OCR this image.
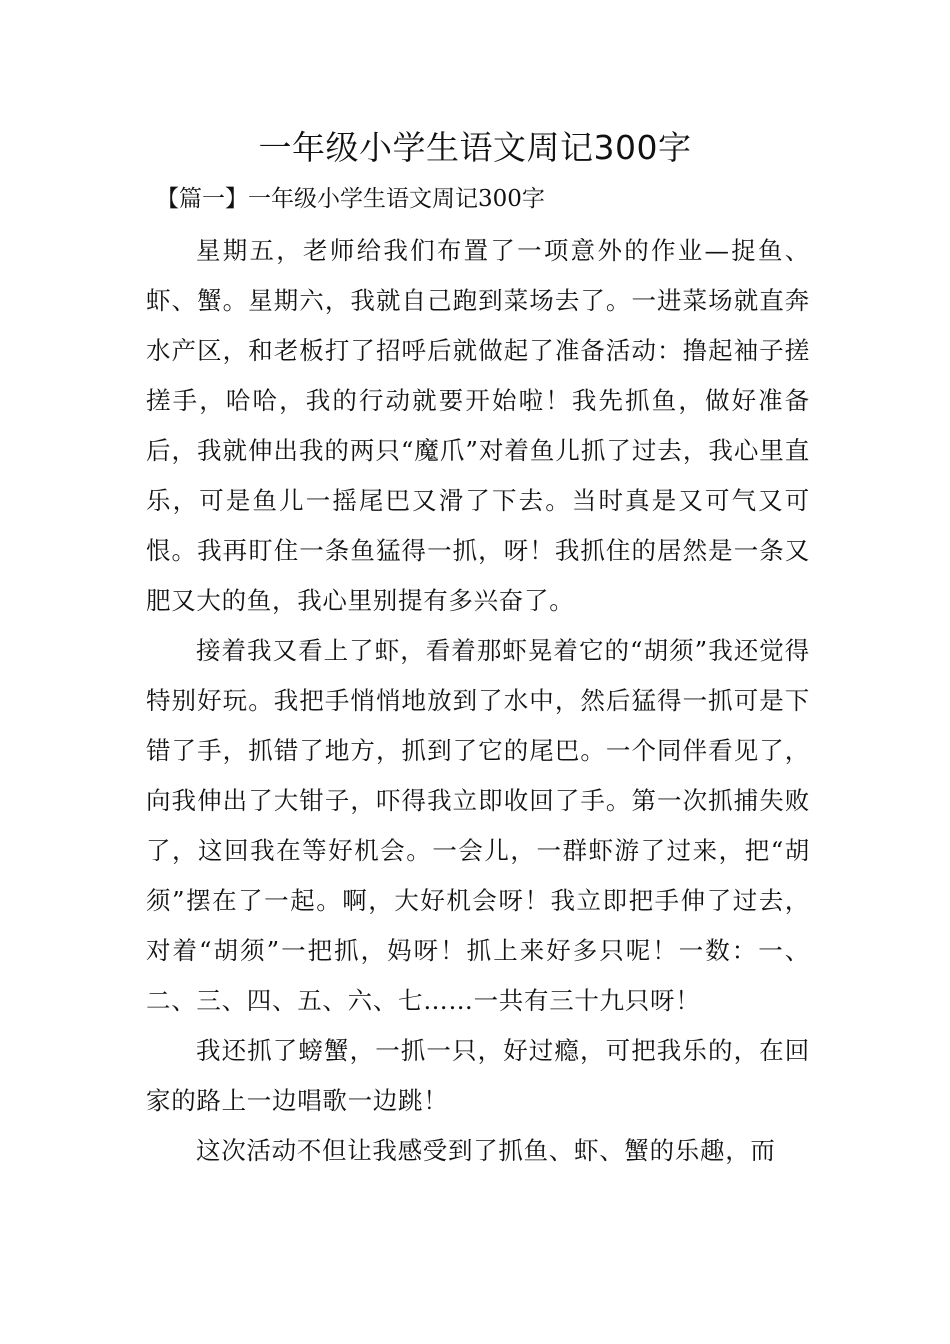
一年级小学生语文周记300字

【篇一】一年级小学生语文周记300字

星期五，老师给我们布置了一项意外的作业—捉鱼、虾、蟹。星期六，我就自己跑到菜场去了。一进菜场就直奔水产区，和老板打了招呼后就做起了准备活动：撸起袖子搓搓手，哈哈，我的行动就要开始啦！我先抓鱼，做好准备后，我就伸出我的两只“魔爪”对着鱼儿抓了过去，我心里直乐，可是鱼儿一摇尾巴又滑了下去。当时真是又可气又可恨。我再盯住一条鱼猛得一抓，呀！我抓住的居然是一条又肥又大的鱼，我心里别提有多兴奋了。

接着我又看上了虾，看着那虾晃着它的“胡须”我还觉得特别好玩。我把手悄悄地放到了水中，然后猛得一抓可是下错了手，抓错了地方，抓到了它的尾巴。一个同伴看见了，向我伸出了大钳子，吓得我立即收回了手。第一次抓捕失败了，这回我在等好机会。一会儿，一群虾游了过来，把“胡须”摆在了一起。啊，大好机会呀！我立即把手伸了过去，对着“胡须”一把抓，妈呀！抓上来好多只呢！一数：一、二、三、四、五、六、七……一共有三十九只呀！

我还抓了螃蟹，一抓一只，好过瘾，可把我乐的，在回家的路上一边唱歌一边跳！

这次活动不但让我感受到了抓鱼、虾、蟹的乐趣，而
